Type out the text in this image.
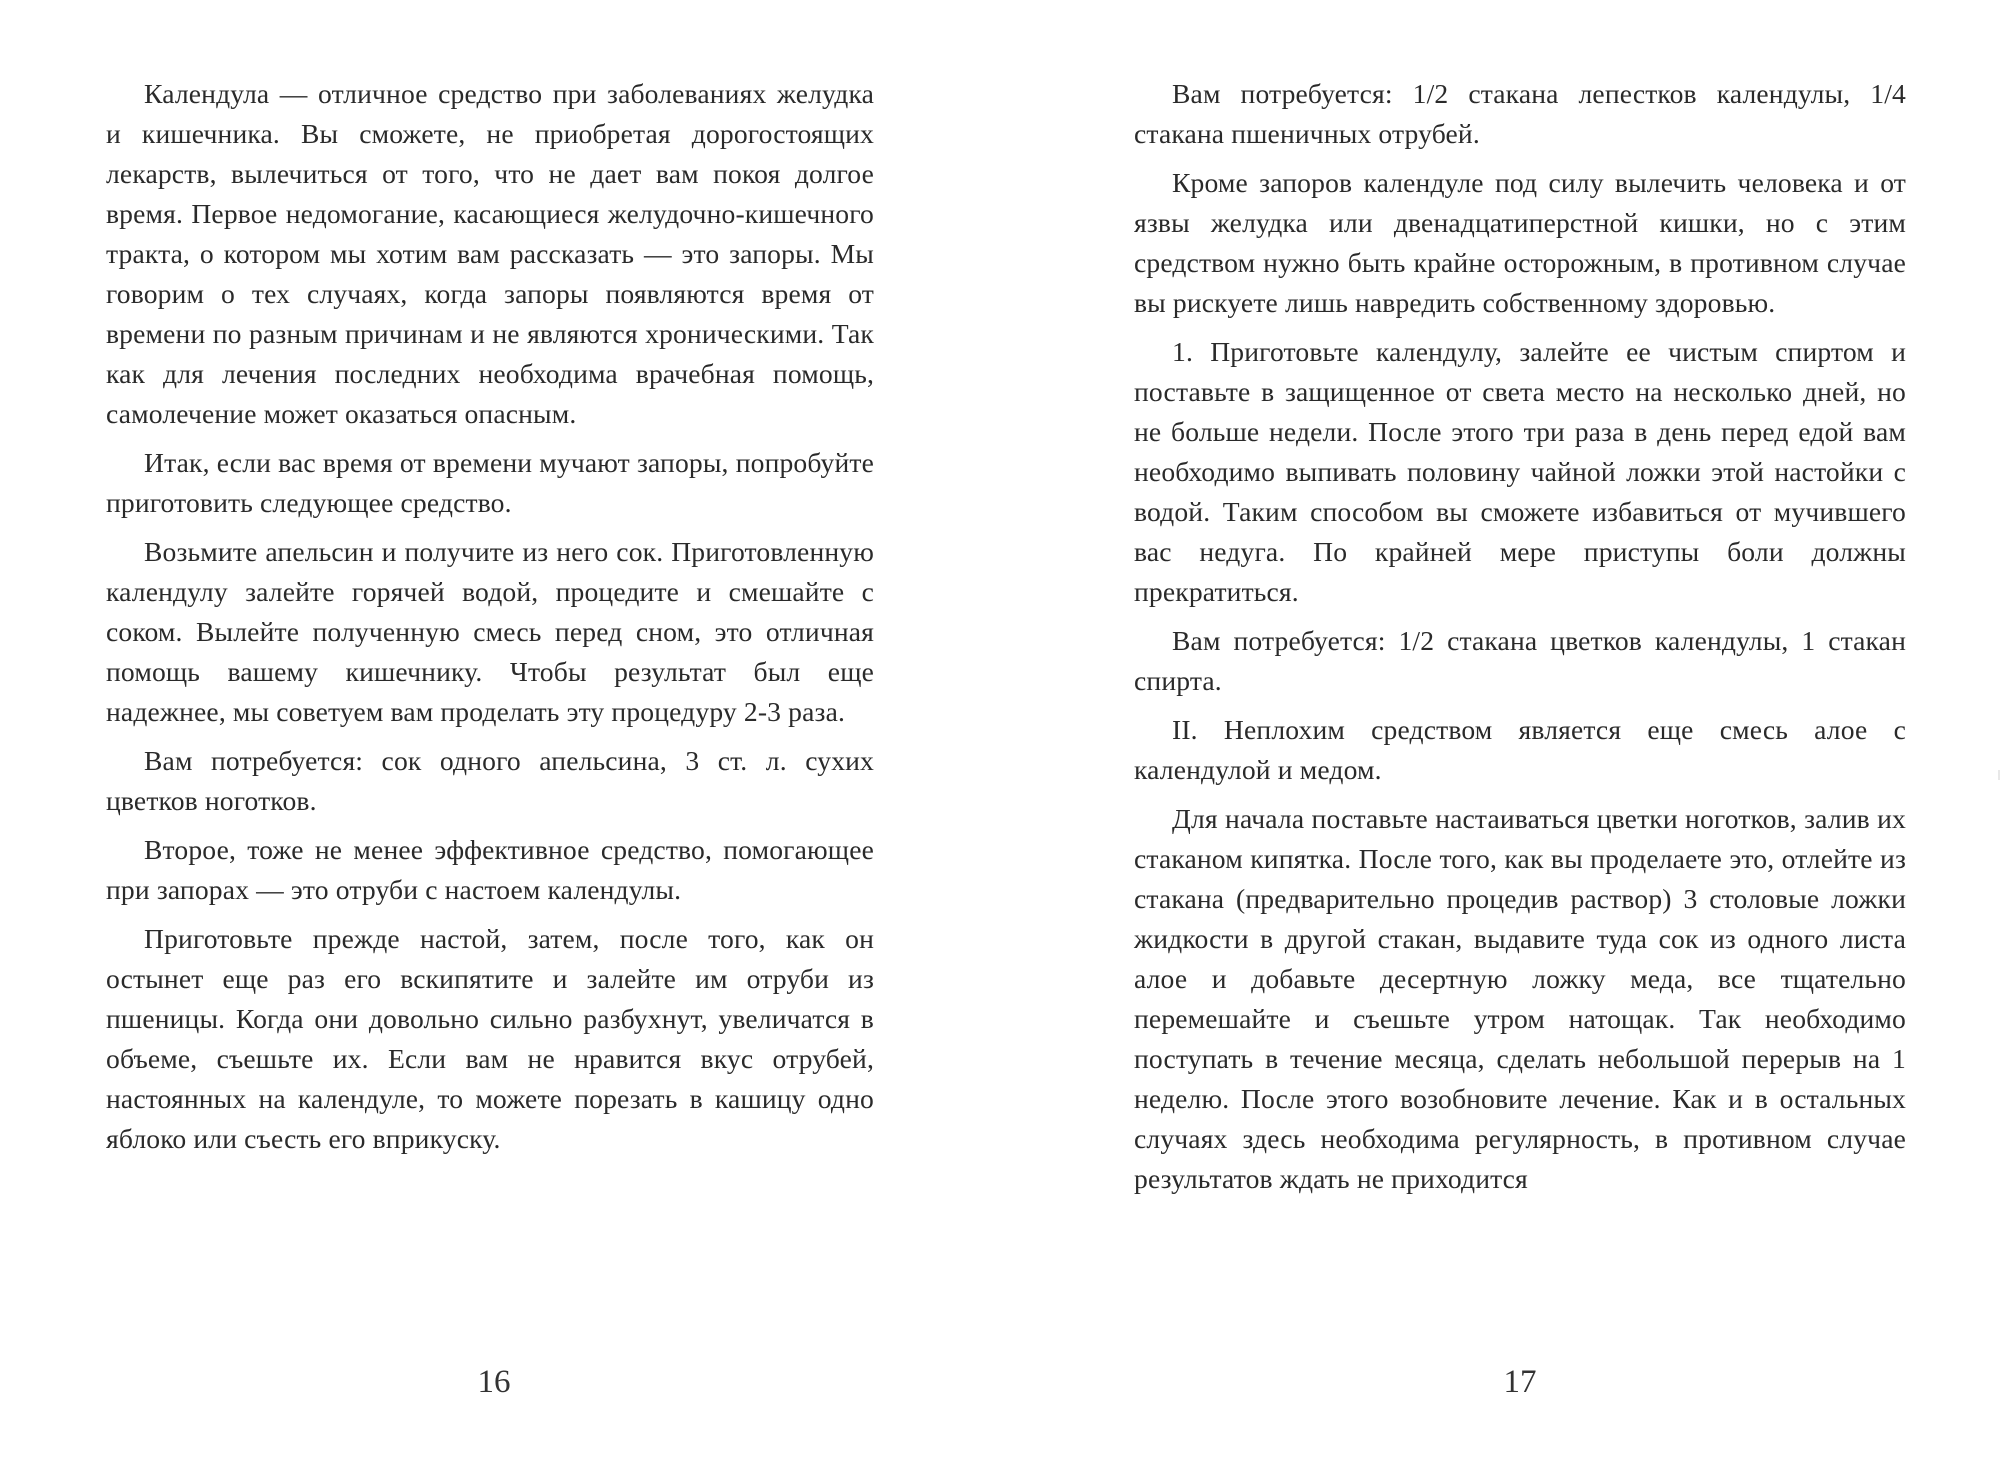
Календула — отличное средство при заболеваниях желудка и кишечника. Вы сможете, не приобретая дорогостоящих лекарств, вылечиться от того, что не дает вам покоя долгое время. Первое недомогание, касающиеся желудочно-кишечного тракта, о котором мы хотим вам рассказать — это запоры. Мы говорим о тех случаях, когда запоры появляются время от времени по разным причинам и не являются хроническими. Так как для лечения последних необходима врачебная помощь, самолечение может оказаться опасным.

Итак, если вас время от времени мучают запоры, попробуйте приготовить следующее средство.

Возьмите апельсин и получите из него сок. Приготовленную календулу залейте горячей водой, процедите и смешайте с соком. Вылейте полученную смесь перед сном, это отличная помощь вашему кишечнику. Чтобы результат был еще надежнее, мы советуем вам проделать эту процедуру 2-3 раза.

Вам потребуется: сок одного апельсина, 3 ст. л. сухих цветков ноготков.

Второе, тоже не менее эффективное средство, помогающее при запорах — это отруби с настоем календулы.

Приготовьте прежде настой, затем, после того, как он остынет еще раз его вскипятите и залейте им отруби из пшеницы. Когда они довольно сильно разбухнут, увеличатся в объеме, съешьте их. Если вам не нравится вкус отрубей, настоянных на календуле, то можете порезать в кашицу одно яблоко или съесть его вприкуску.

Вам потребуется: 1/2 стакана лепестков календулы, 1/4 стакана пшеничных отрубей.

Кроме запоров календуле под силу вылечить человека и от язвы желудка или двенадцатиперстной кишки, но с этим средством нужно быть крайне осторожным, в противном случае вы рискуете лишь навредить собственному здоровью.

1. Приготовьте календулу, залейте ее чистым спиртом и поставьте в защищенное от света место на несколько дней, но не больше недели. После этого три раза в день перед едой вам необходимо выпивать половину чайной ложки этой настойки с водой. Таким способом вы сможете избавиться от мучившего вас недуга. По крайней мере приступы боли должны прекратиться.

Вам потребуется: 1/2 стакана цветков календулы, 1 стакан спирта.

II. Неплохим средством является еще смесь алое с календулой и медом.

Для начала поставьте настаиваться цветки ноготков, залив их стаканом кипятка. После того, как вы проделаете это, отлейте из стакана (предварительно процедив раствор) 3 столовые ложки жидкости в другой стакан, выдавите туда сок из одного листа алое и добавьте десертную ложку меда, все тщательно перемешайте и съешьте утром натощак. Так необходимо поступать в течение месяца, сделать небольшой перерыв на 1 неделю. После этого возобновите лечение. Как и в остальных случаях здесь необходима регулярность, в противном случае результатов ждать не приходится

16	17
